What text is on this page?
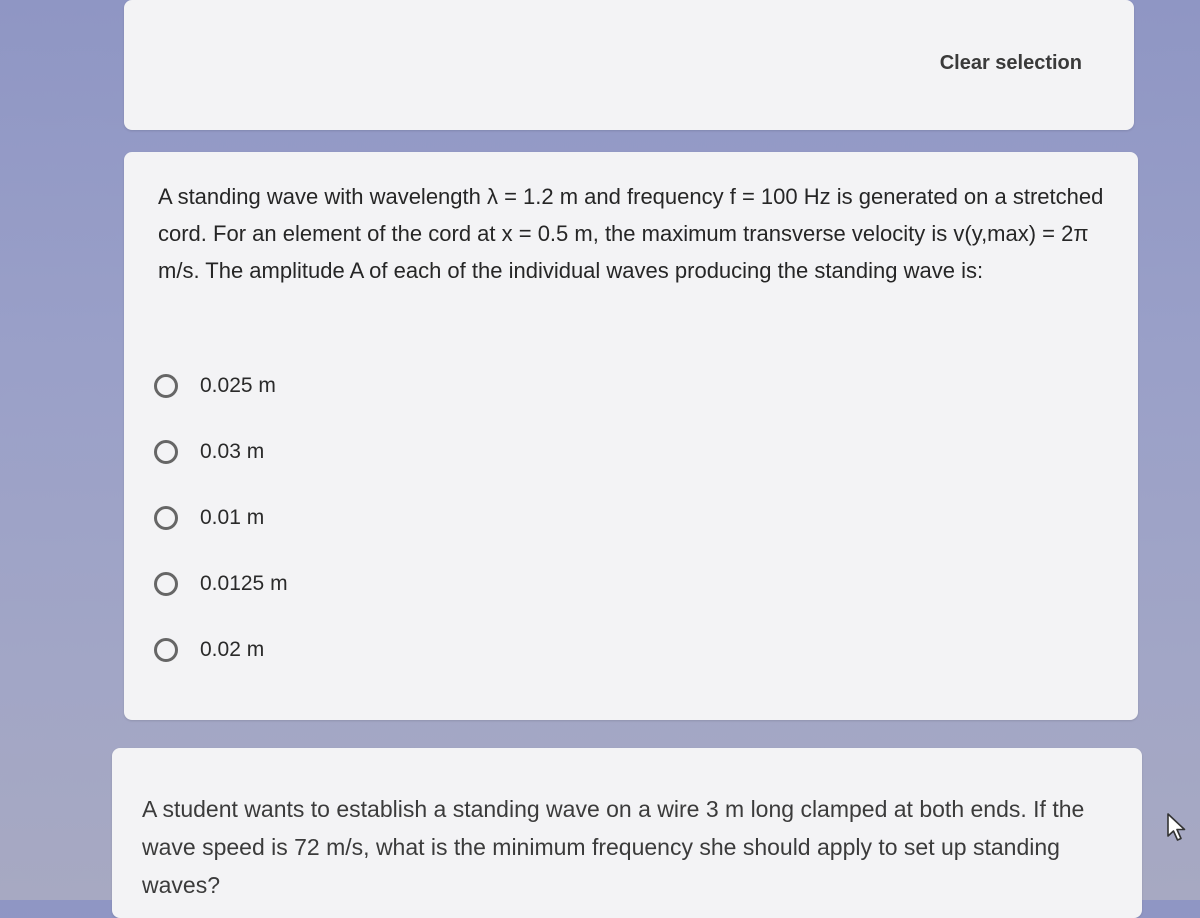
Clear selection
A standing wave with wavelength λ = 1.2 m and frequency f = 100 Hz is generated on a stretched cord. For an element of the cord at x = 0.5 m, the maximum transverse velocity is v(y,max) = 2π m/s. The amplitude A of each of the individual waves producing the standing wave is:
0.025 m
0.03 m
0.01 m
0.0125 m
0.02 m
A student wants to establish a standing wave on a wire 3 m long clamped at both ends. If the wave speed is 72 m/s, what is the minimum frequency she should apply to set up standing waves?
